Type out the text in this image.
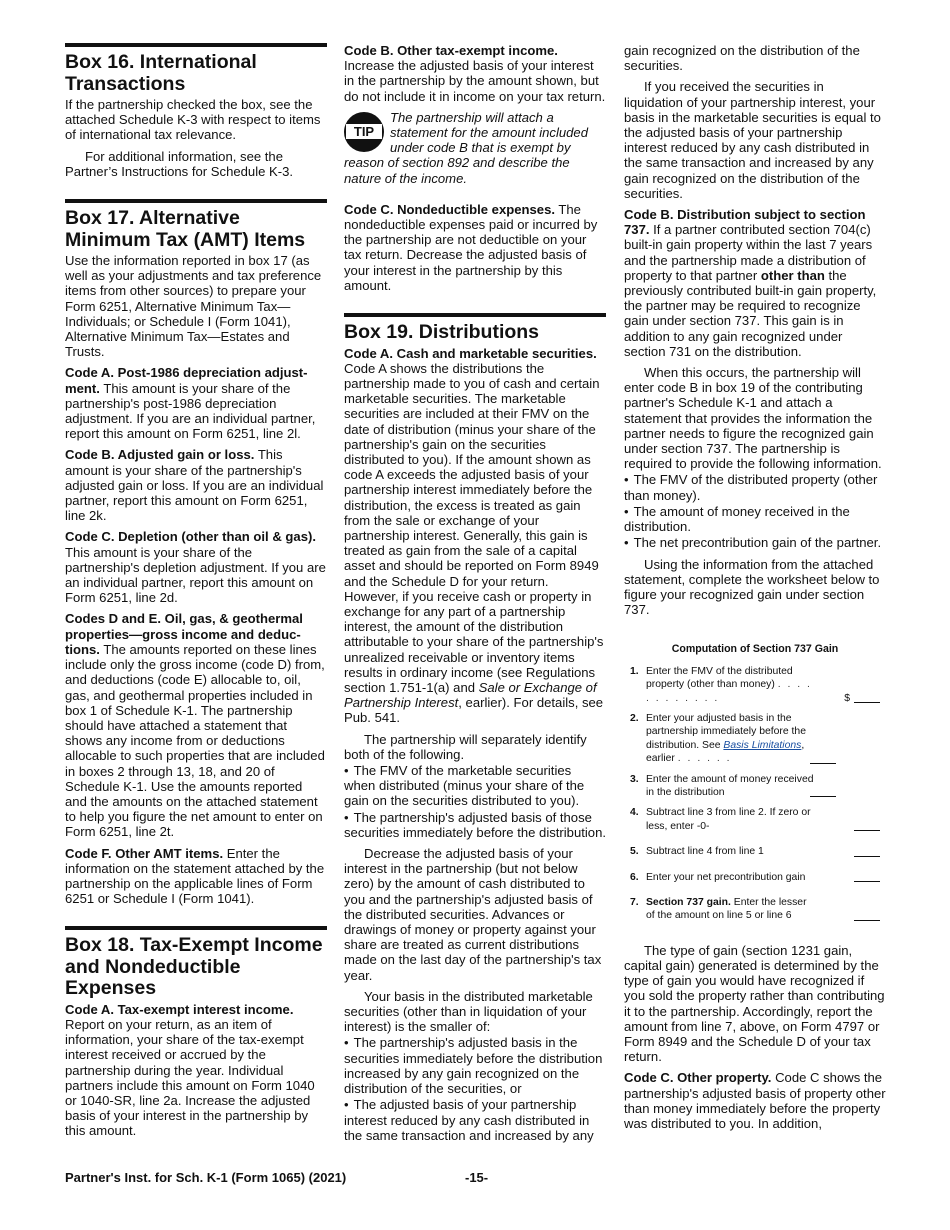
Box 16. International Transactions

If the partnership checked the box, see the attached Schedule K-3 with respect to items of international tax relevance.

For additional information, see the Partner’s Instructions for Schedule K-3.

Box 17. Alternative Minimum Tax (AMT) Items

Use the information reported in box 17 (as well as your adjustments and tax preference items from other sources) to prepare your Form 6251, Alternative Minimum Tax—Individuals; or Schedule I (Form 1041), Alternative Minimum Tax—Estates and Trusts.

Code A. Post-1986 depreciation adjustment. This amount is your share of the partnership's post-1986 depreciation adjustment. If you are an individual partner, report this amount on Form 6251, line 2l.

Code B. Adjusted gain or loss. This amount is your share of the partnership's adjusted gain or loss. If you are an individual partner, report this amount on Form 6251, line 2k.

Code C. Depletion (other than oil & gas). This amount is your share of the partnership's depletion adjustment. If you are an individual partner, report this amount on Form 6251, line 2d.

Codes D and E. Oil, gas, & geothermal properties—gross income and deductions. The amounts reported on these lines include only the gross income (code D) from, and deductions (code E) allocable to, oil, gas, and geothermal properties included in box 1 of Schedule K-1. The partnership should have attached a statement that shows any income from or deductions allocable to such properties that are included in boxes 2 through 13, 18, and 20 of Schedule K-1. Use the amounts reported and the amounts on the attached statement to help you figure the net amount to enter on Form 6251, line 2t.

Code F. Other AMT items. Enter the information on the statement attached by the partnership on the applicable lines of Form 6251 or Schedule I (Form 1041).

Box 18. Tax-Exempt Income and Nondeductible Expenses

Code A. Tax-exempt interest income. Report on your return, as an item of information, your share of the tax-exempt interest received or accrued by the partnership during the year. Individual partners include this amount on Form 1040 or 1040-SR, line 2a. Increase the adjusted basis of your interest in the partnership by this amount.

Code B. Other tax-exempt income.
Increase the adjusted basis of your interest in the partnership by the amount shown, but do not include it in income on your tax return.

TIP
The partnership will attach a statement for the amount included under code B that is exempt by reason of section 892 and describe the nature of the income.

Code C. Nondeductible expenses. The nondeductible expenses paid or incurred by the partnership are not deductible on your tax return. Decrease the adjusted basis of your interest in the partnership by this amount.

Box 19. Distributions

Code A. Cash and marketable securities. Code A shows the distributions the partnership made to you of cash and certain marketable securities. The marketable securities are included at their FMV on the date of distribution (minus your share of the partnership's gain on the securities distributed to you). If the amount shown as code A exceeds the adjusted basis of your partnership interest immediately before the distribution, the excess is treated as gain from the sale or exchange of your partnership interest. Generally, this gain is treated as gain from the sale of a capital asset and should be reported on Form 8949 and the Schedule D for your return. However, if you receive cash or property in exchange for any part of a partnership interest, the amount of the distribution attributable to your share of the partnership's unrealized receivable or inventory items results in ordinary income (see Regulations section 1.751-1(a) and Sale or Exchange of Partnership Interest, earlier). For details, see Pub. 541.

The partnership will separately identify both of the following.

• The FMV of the marketable securities when distributed (minus your share of the gain on the securities distributed to you).

• The partnership's adjusted basis of those securities immediately before the distribution.

Decrease the adjusted basis of your interest in the partnership (but not below zero) by the amount of cash distributed to you and the partnership's adjusted basis of the distributed securities. Advances or drawings of money or property against your share are treated as current distributions made on the last day of the partnership's tax year.

Your basis in the distributed marketable securities (other than in liquidation of your interest) is the smaller of:

• The partnership's adjusted basis in the securities immediately before the distribution increased by any gain recognized on the distribution of the securities, or

• The adjusted basis of your partnership interest reduced by any cash distributed in the same transaction and increased by any

gain recognized on the distribution of the securities.

If you received the securities in liquidation of your partnership interest, your basis in the marketable securities is equal to the adjusted basis of your partnership interest reduced by any cash distributed in the same transaction and increased by any gain recognized on the distribution of the securities.

Code B. Distribution subject to section 737. If a partner contributed section 704(c) built-in gain property within the last 7 years and the partnership made a distribution of property to that partner other than the previously contributed built-in gain property, the partner may be required to recognize gain under section 737. This gain is in addition to any gain recognized under section 731 on the distribution.

When this occurs, the partnership will enter code B in box 19 of the contributing partner's Schedule K-1 and attach a statement that provides the information the partner needs to figure the recognized gain under section 737. The partnership is required to provide the following information.

• The FMV of the distributed property (other than money).

• The amount of money received in the distribution.

• The net precontribution gain of the partner.

Using the information from the attached statement, complete the worksheet below to figure your recognized gain under section 737.

Computation of Section 737 Gain
1. Enter the FMV of the distributed property (other than money) . . . . . . . . . . . .	$
2. Enter your adjusted basis in the partnership immediately before the distribution. See Basis Limitations, earlier . . . . . .
3. Enter the amount of money received in the distribution
4. Subtract line 3 from line 2. If zero or less, enter -0-
5. Subtract line 4 from line 1
6. Enter your net precontribution gain
7. Section 737 gain. Enter the lesser of the amount on line 5 or line 6

The type of gain (section 1231 gain, capital gain) generated is determined by the type of gain you would have recognized if you sold the property rather than contributing it to the partnership. Accordingly, report the amount from line 7, above, on Form 4797 or Form 8949 and the Schedule D of your tax return.

Code C. Other property. Code C shows the partnership's adjusted basis of property other than money immediately before the property was distributed to you. In addition,

Partner's Inst. for Sch. K-1 (Form 1065) (2021)	-15-
